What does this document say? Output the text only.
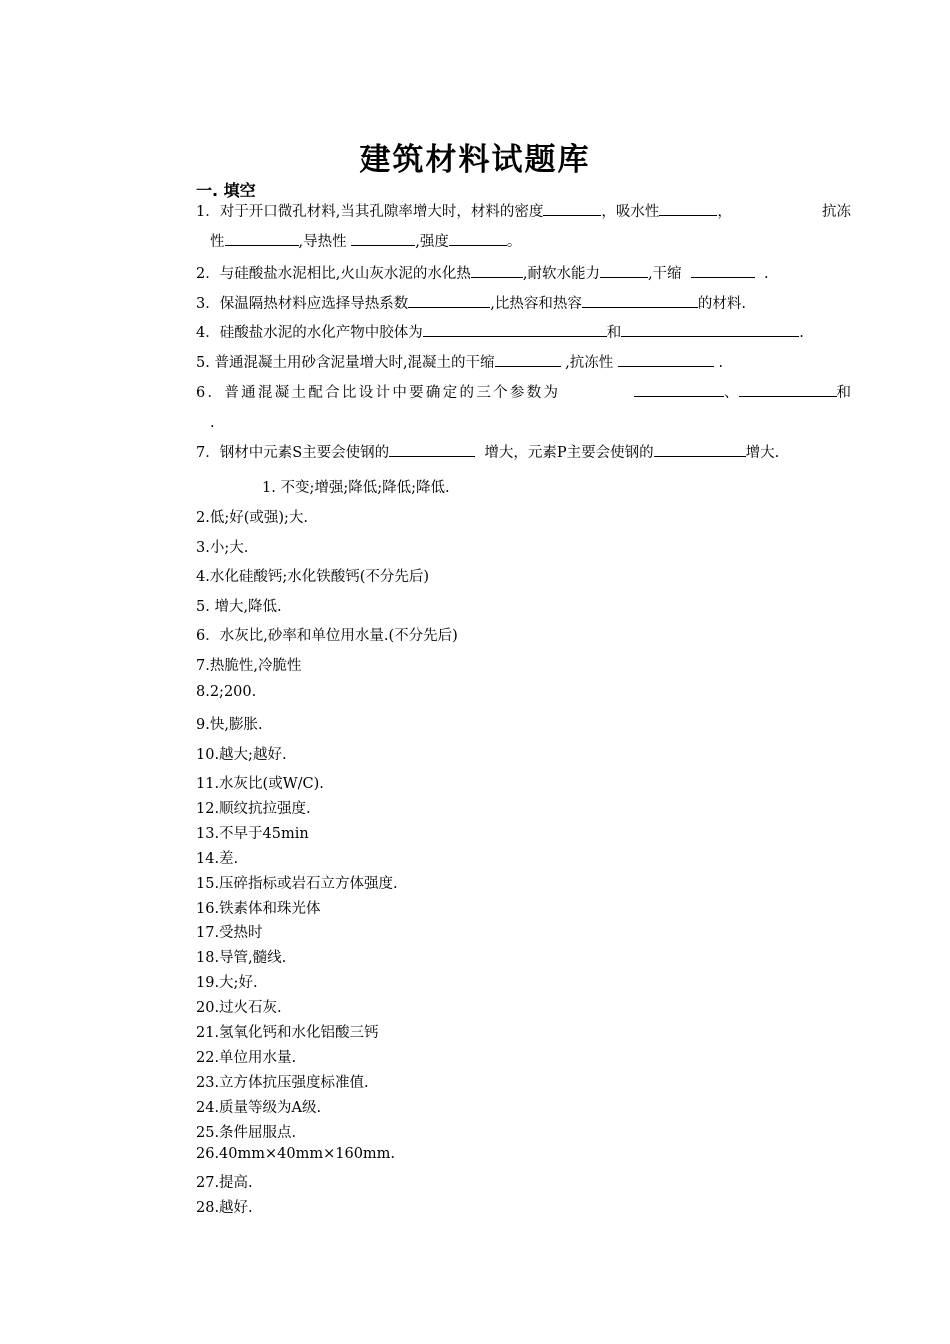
建筑材料试题库
一. 填空
1．对于开口微孔材料,当其孔隙率增大时，材料的密度	，吸水性	，	抗冻
性	,导热性	,强度	。
2．与硅酸盐水泥相比,火山灰水泥的水化热	,耐软水能力	,干缩	.
3．保温隔热材料应选择导热系数	,比热容和热容	的材料.
4．硅酸盐水泥的水化产物中胶体为	和	.
5. 普通混凝土用砂含泥量增大时,混凝土的干缩	,抗冻性	.
6．普通混凝土配合比设计中要确定的三个参数为	、	和
.
7．钢材中元素S主要会使钢的	增大，元素P主要会使钢的	增大.
1. 不变;增强;降低;降低;降低.
2.低;好(或强);大.
3.小;大.
4.水化硅酸钙;水化铁酸钙(不分先后)
5. 增大,降低.
6．水灰比,砂率和单位用水量.(不分先后)
7.热脆性,冷脆性
8.2;200.
9.快,膨胀.
10.越大;越好.
11.水灰比(或W/C).
12.顺纹抗拉强度.
13.不早于45min
14.差.
15.压碎指标或岩石立方体强度.
16.铁素体和珠光体
17.受热时
18.导管,髓线.
19.大;好.
20.过火石灰.
21.氢氧化钙和水化铝酸三钙
22.单位用水量.
23.立方体抗压强度标准值.
24.质量等级为A级.
25.条件屈服点.
26.40mm×40mm×160mm.
27.提高.
28.越好.
